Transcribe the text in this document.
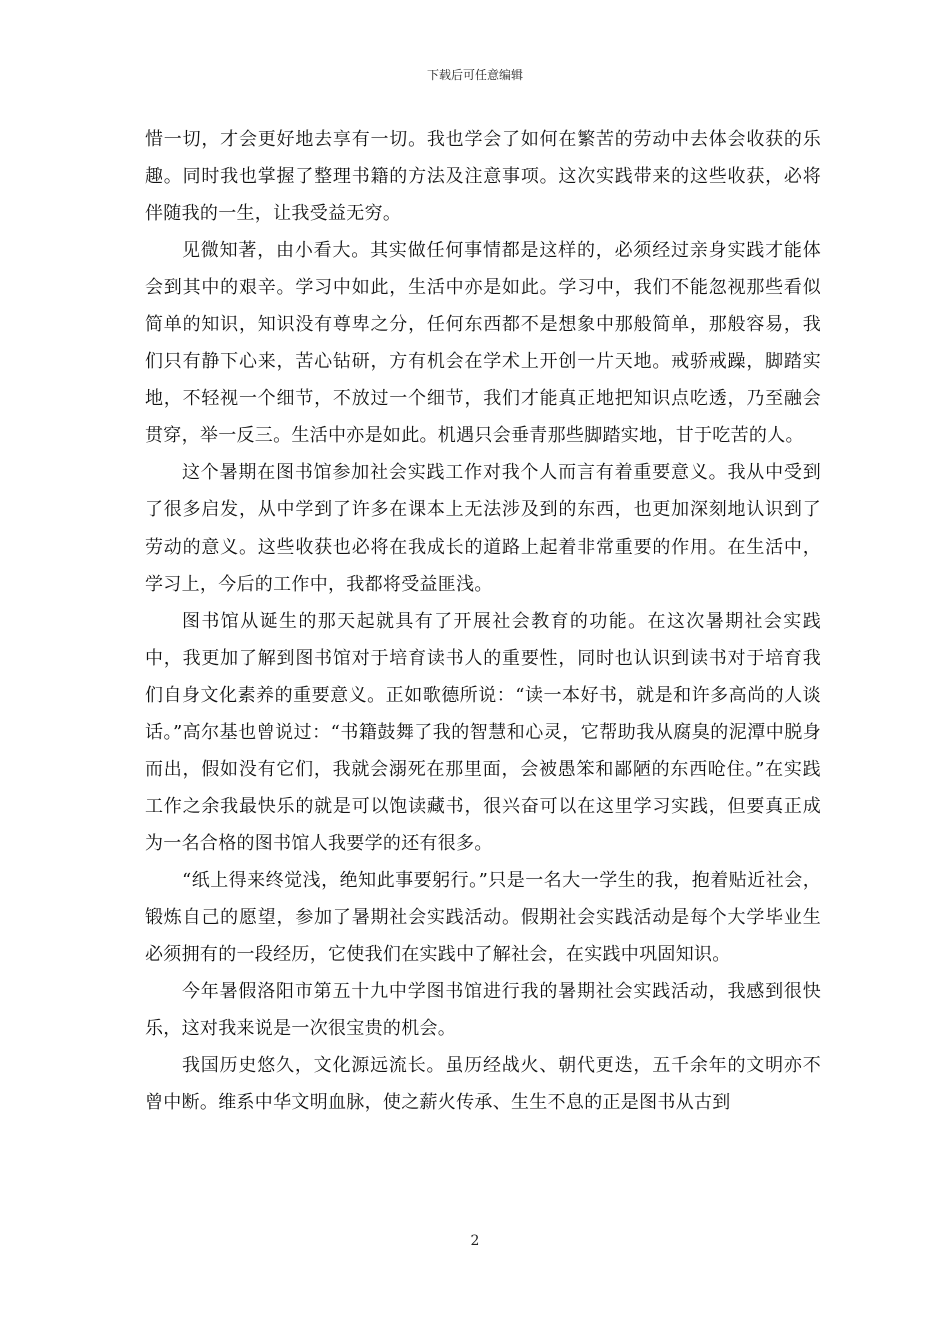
下载后可任意编辑

惜一切，才会更好地去享有一切。我也学会了如何在繁苦的劳动中去体会收获的乐趣。同时我也掌握了整理书籍的方法及注意事项。这次实践带来的这些收获，必将伴随我的一生，让我受益无穷。

见微知著，由小看大。其实做任何事情都是这样的，必须经过亲身实践才能体会到其中的艰辛。学习中如此，生活中亦是如此。学习中，我们不能忽视那些看似简单的知识，知识没有尊卑之分，任何东西都不是想象中那般简单，那般容易，我们只有静下心来，苦心钻研，方有机会在学术上开创一片天地。戒骄戒躁，脚踏实地，不轻视一个细节，不放过一个细节，我们才能真正地把知识点吃透，乃至融会贯穿，举一反三。生活中亦是如此。机遇只会垂青那些脚踏实地，甘于吃苦的人。

这个暑期在图书馆参加社会实践工作对我个人而言有着重要意义。我从中受到了很多启发，从中学到了许多在课本上无法涉及到的东西，也更加深刻地认识到了劳动的意义。这些收获也必将在我成长的道路上起着非常重要的作用。在生活中，学习上，今后的工作中，我都将受益匪浅。

图书馆从诞生的那天起就具有了开展社会教育的功能。在这次暑期社会实践中，我更加了解到图书馆对于培育读书人的重要性，同时也认识到读书对于培育我们自身文化素养的重要意义。正如歌德所说：“读一本好书，就是和许多高尚的人谈话。”高尔基也曾说过：“书籍鼓舞了我的智慧和心灵，它帮助我从腐臭的泥潭中脱身而出，假如没有它们，我就会溺死在那里面，会被愚笨和鄙陋的东西呛住。”在实践工作之余我最快乐的就是可以饱读藏书，很兴奋可以在这里学习实践，但要真正成为一名合格的图书馆人我要学的还有很多。

“纸上得来终觉浅，绝知此事要躬行。”只是一名大一学生的我，抱着贴近社会，锻炼自己的愿望，参加了暑期社会实践活动。假期社会实践活动是每个大学毕业生必须拥有的一段经历，它使我们在实践中了解社会，在实践中巩固知识。

今年暑假洛阳市第五十九中学图书馆进行我的暑期社会实践活动，我感到很快乐，这对我来说是一次很宝贵的机会。

我国历史悠久，文化源远流长。虽历经战火、朝代更迭，五千余年的文明亦不曾中断。维系中华文明血脉，使之薪火传承、生生不息的正是图书从古到

2
